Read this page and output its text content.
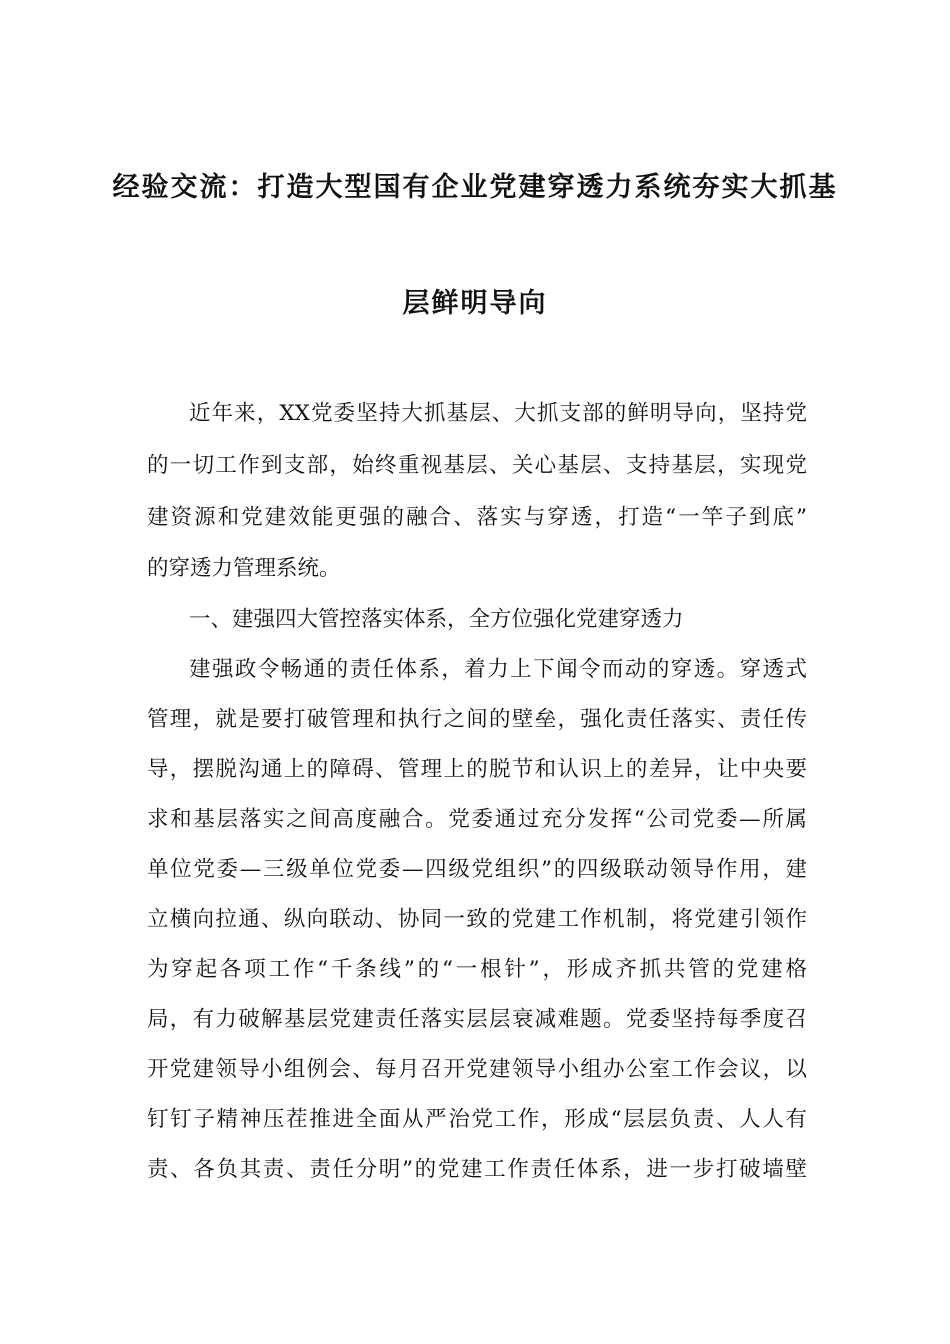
经验交流：打造大型国有企业党建穿透力系统夯实大抓基
层鲜明导向
近年来，XX党委坚持大抓基层、大抓支部的鲜明导向，坚持党
的一切工作到支部，始终重视基层、关心基层、支持基层，实现党
建资源和党建效能更强的融合、落实与穿透，打造“一竿子到底”
的穿透力管理系统。
一、建强四大管控落实体系，全方位强化党建穿透力
建强政令畅通的责任体系，着力上下闻令而动的穿透。穿透式
管理，就是要打破管理和执行之间的壁垒，强化责任落实、责任传
导，摆脱沟通上的障碍、管理上的脱节和认识上的差异，让中央要
求和基层落实之间高度融合。党委通过充分发挥“公司党委—所属
单位党委—三级单位党委—四级党组织”的四级联动领导作用，建
立横向拉通、纵向联动、协同一致的党建工作机制，将党建引领作
为穿起各项工作“千条线”的“一根针”，形成齐抓共管的党建格
局，有力破解基层党建责任落实层层衰减难题。党委坚持每季度召
开党建领导小组例会、每月召开党建领导小组办公室工作会议，以
钉钉子精神压茬推进全面从严治党工作，形成“层层负责、人人有
责、各负其责、责任分明”的党建工作责任体系，进一步打破墙壁
